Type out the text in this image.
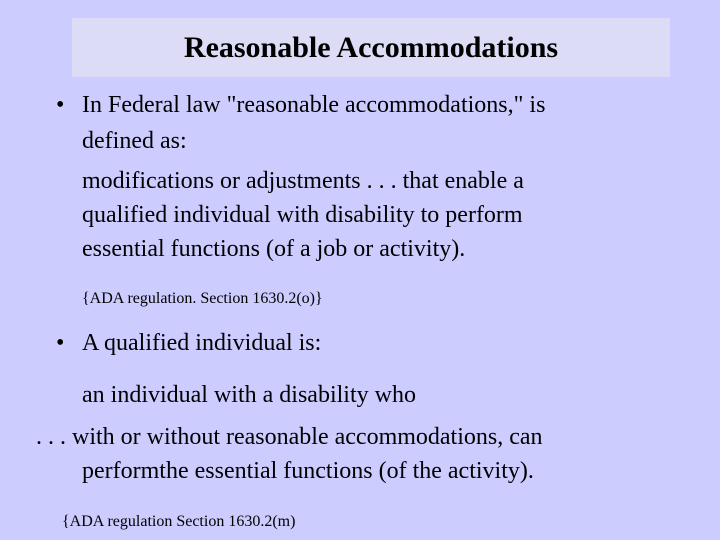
Reasonable Accommodations
• In Federal law "reasonable accommodations," is
defined as:
modifications or adjustments . . . that enable a
qualified individual with disability to perform
essential functions (of a job or activity).
{ADA regulation. Section 1630.2(o)}
• A qualified individual is:
an individual with a disability who
. . . with or without reasonable accommodations, can
performthe essential functions (of the activity).
{ADA regulation Section 1630.2(m)
